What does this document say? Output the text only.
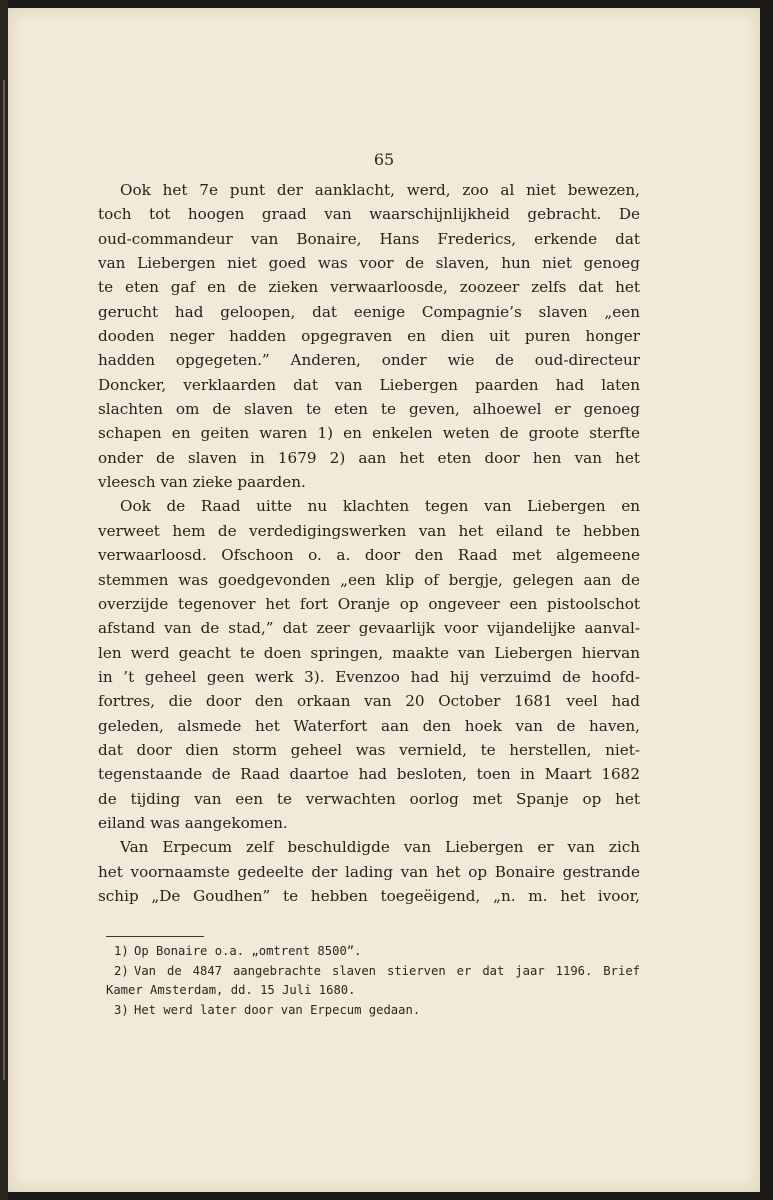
65
Ook het 7e punt der aanklacht, werd, zoo al niet bewezen,
toch tot hoogen graad van waarschijnlijkheid gebracht. De
oud-commandeur van Bonaire, Hans Frederics, erkende dat
van Liebergen niet goed was voor de slaven, hun niet genoeg
te eten gaf en de zieken verwaarloosde, zoozeer zelfs dat het
gerucht had geloopen, dat eenige Compagnie’s slaven „een
dooden neger hadden opgegraven en dien uit puren honger
hadden opgegeten.” Anderen, onder wie de oud-directeur
Doncker, verklaarden dat van Liebergen paarden had laten
slachten om de slaven te eten te geven, alhoewel er genoeg
schapen en geiten waren 1) en enkelen weten de groote sterfte
onder de slaven in 1679 2) aan het eten door hen van het
vleesch van zieke paarden.
Ook de Raad uitte nu klachten tegen van Liebergen en
verweet hem de verdedigingswerken van het eiland te hebben
verwaarloosd. Ofschoon o. a. door den Raad met algemeene
stemmen was goedgevonden „een klip of bergje, gelegen aan de
overzijde tegenover het fort Oranje op ongeveer een pistoolschot
afstand van de stad,” dat zeer gevaarlijk voor vijandelijke aanval-
len werd geacht te doen springen, maakte van Liebergen hiervan
in ’t geheel geen werk 3). Evenzoo had hij verzuimd de hoofd-
fortres, die door den orkaan van 20 October 1681 veel had
geleden, alsmede het Waterfort aan den hoek van de haven,
dat door dien storm geheel was vernield, te herstellen, niet-
tegenstaande de Raad daartoe had besloten, toen in Maart 1682
de tijding van een te verwachten oorlog met Spanje op het
eiland was aangekomen.
Van Erpecum zelf beschuldigde van Liebergen er van zich
het voornaamste gedeelte der lading van het op Bonaire gestrande
schip „De Goudhen” te hebben toegeëigend, „n. m. het ivoor,
1) Op Bonaire o.a. „omtrent 8500”.
2) Van de 4847 aangebrachte slaven stierven er dat jaar 1196. Brief
Kamer Amsterdam, dd. 15 Juli 1680.
3) Het werd later door van Erpecum gedaan.
